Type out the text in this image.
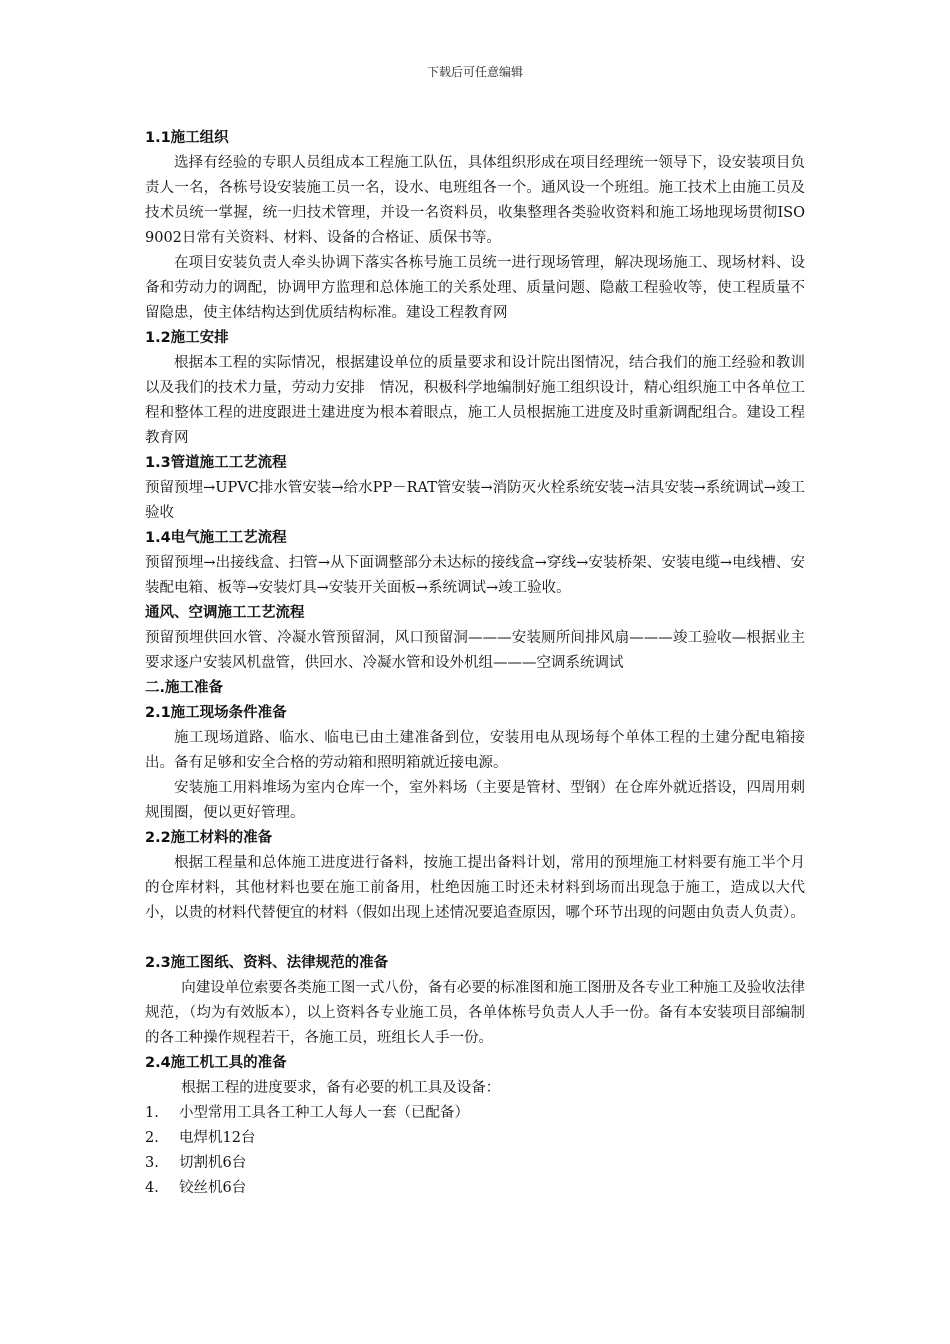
下载后可任意编辑
1.1施工组织

选择有经验的专职人员组成本工程施工队伍，具体组织形成在项目经理统一领导下，设安装项目负责人一名，各栋号设安装施工员一名，设水、电班组各一个。通风设一个班组。施工技术上由施工员及技术员统一掌握，统一归技术管理，并设一名资料员，收集整理各类验收资料和施工场地现场贯彻ISO9002日常有关资料、材料、设备的合格证、质保书等。

在项目安装负责人牵头协调下落实各栋号施工员统一进行现场管理，解决现场施工、现场材料、设备和劳动力的调配，协调甲方监理和总体施工的关系处理、质量问题、隐蔽工程验收等，使工程质量不留隐患，使主体结构达到优质结构标准。建设工程教育网

1.2施工安排

根据本工程的实际情况，根据建设单位的质量要求和设计院出图情况，结合我们的施工经验和教训以及我们的技术力量，劳动力安排　情况，积极科学地编制好施工组织设计，精心组织施工中各单位工程和整体工程的进度跟进土建进度为根本着眼点，施工人员根据施工进度及时重新调配组合。建设工程教育网

1.3管道施工工艺流程

预留预埋→UPVC排水管安装→给水PP－RAT管安装→消防灭火栓系统安装→洁具安装→系统调试→竣工验收

1.4电气施工工艺流程

预留预埋→出接线盒、扫管→从下面调整部分未达标的接线盒→穿线→安装桥架、安装电缆→电线槽、安装配电箱、板等→安装灯具→安装开关面板→系统调试→竣工验收。

通风、空调施工工艺流程

预留预埋供回水管、冷凝水管预留洞，风口预留洞———安装厕所间排风扇———竣工验收—根据业主要求逐户安装风机盘管，供回水、冷凝水管和设外机组———空调系统调试

二.施工准备
2.1施工现场条件准备

施工现场道路、临水、临电已由土建准备到位，安装用电从现场每个单体工程的土建分配电箱接出。备有足够和安全合格的劳动箱和照明箱就近接电源。

安装施工用料堆场为室内仓库一个，室外料场（主要是管材、型钢）在仓库外就近搭设，四周用刺规围圈，便以更好管理。

2.2施工材料的准备

根据工程量和总体施工进度进行备料，按施工提出备料计划，常用的预埋施工材料要有施工半个月的仓库材料，其他材料也要在施工前备用，杜绝因施工时还未材料到场而出现急于施工，造成以大代小，以贵的材料代替便宜的材料（假如出现上述情况要追查原因，哪个环节出现的问题由负责人负责）。

2.3施工图纸、资料、法律规范的准备

向建设单位索要各类施工图一式八份，备有必要的标准图和施工图册及各专业工种施工及验收法律规范，（均为有效版本），以上资料各专业施工员，各单体栋号负责人人手一份。备有本安装项目部编制的各工种操作规程若干，各施工员，班组长人手一份。

2.4施工机工具的准备

根据工程的进度要求，备有必要的机工具及设备：

1.	小型常用工具各工种工人每人一套（已配备）
2.	电焊机12台
3.	切割机6台
4.	铰丝机6台
